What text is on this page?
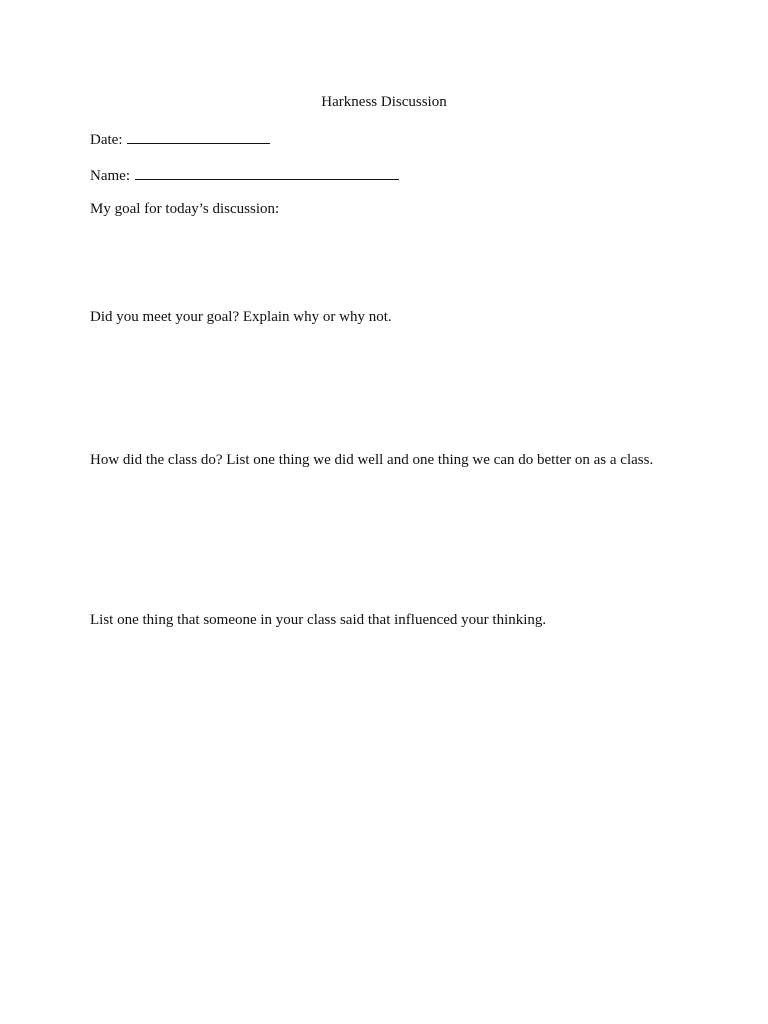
Harkness Discussion
Date:
Name:
My goal for today’s discussion:
Did you meet your goal? Explain why or why not.
How did the class do? List one thing we did well and one thing we can do better on as a class.
List one thing that someone in your class said that influenced your thinking.
